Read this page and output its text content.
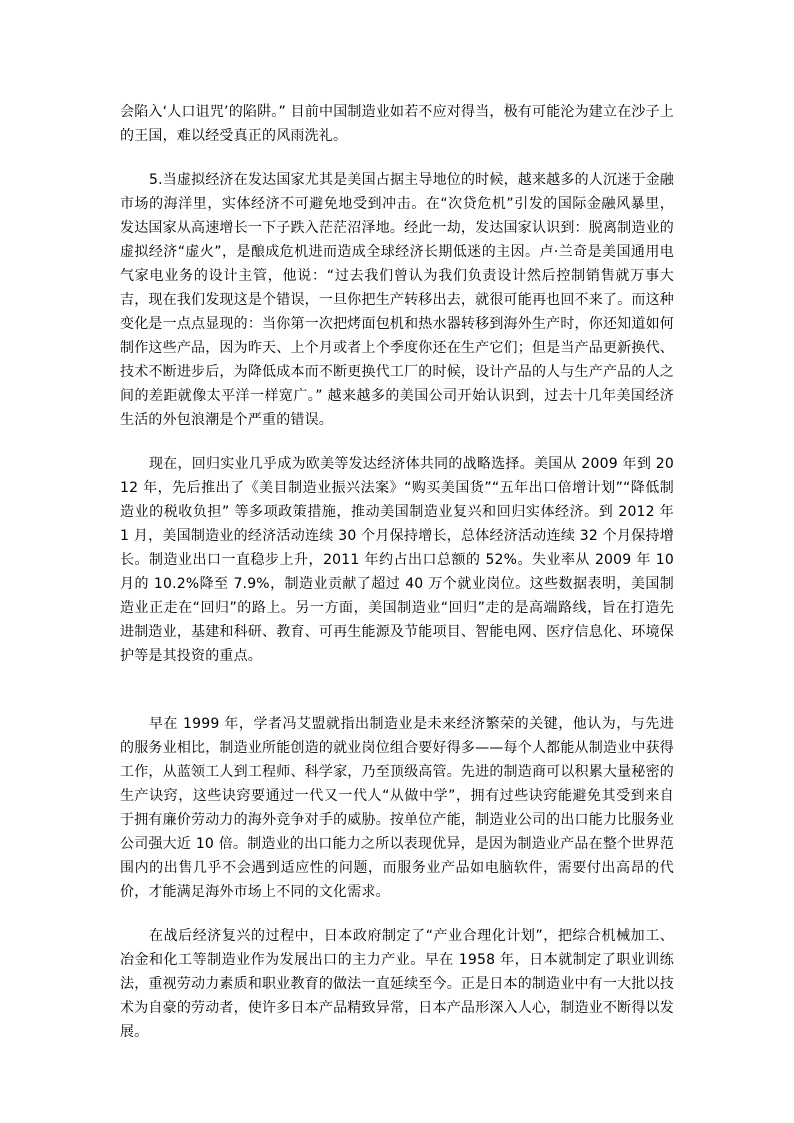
会陷入‘人口诅咒’的陷阱。” 目前中国制造业如若不应对得当，极有可能沦为建立在沙子上的王国，难以经受真正的风雨洗礼。

5.当虚拟经济在发达国家尤其是美国占据主导地位的时候，越来越多的人沉迷于金融市场的海洋里，实体经济不可避免地受到冲击。在“次贷危机”引发的国际金融风暴里，发达国家从高速增长一下子跌入茫茫沼泽地。经此一劫，发达国家认识到：脱离制造业的虚拟经济“虚火”，是酿成危机进而造成全球经济长期低迷的主因。卢·兰奇是美国通用电气家电业务的设计主管，他说：“过去我们曾认为我们负责设计然后控制销售就万事大吉，现在我们发现这是个错误，一旦你把生产转移出去，就很可能再也回不来了。而这种变化是一点点显现的：当你第一次把烤面包机和热水器转移到海外生产时，你还知道如何制作这些产品，因为昨天、上个月或者上个季度你还在生产它们；但是当产品更新换代、技术不断进步后，为降低成本而不断更换代工厂的时候，设计产品的人与生产产品的人之间的差距就像太平洋一样宽广。” 越来越多的美国公司开始认识到，过去十几年美国经济生活的外包浪潮是个严重的错误。

现在，回归实业几乎成为欧美等发达经济体共同的战略选择。美国从 2009 年到 2012 年，先后推出了《美目制造业振兴法案》“购买美国货”“五年出口倍增计划”“降低制造业的税收负担” 等多项政策措施，推动美国制造业复兴和回归实体经济。到 2012 年 1 月，美国制造业的经济活动连续 30 个月保持增长，总体经济活动连续 32 个月保持增长。制造业出口一直稳步上升，2011 年约占出口总额的 52%。失业率从 2009 年 10 月的 10.2%降至 7.9%，制造业贡献了超过 40 万个就业岗位。这些数据表明，美国制造业正走在“回归”的路上。另一方面，美国制造业“回归”走的是高端路线，旨在打造先进制造业，基建和科研、教育、可再生能源及节能项目、智能电网、医疗信息化、环境保护等是其投资的重点。

早在 1999 年，学者冯艾盟就指出制造业是未来经济繁荣的关键，他认为，与先进的服务业相比，制造业所能创造的就业岗位组合要好得多——每个人都能从制造业中获得工作，从蓝领工人到工程师、科学家，乃至顶级高管。先进的制造商可以积累大量秘密的生产诀窍，这些诀窍要通过一代又一代人“从做中学”，拥有过些诀窍能避免其受到来自于拥有廉价劳动力的海外竞争对手的威胁。按单位产能，制造业公司的出口能力比服务业公司强大近 10 倍。制造业的出口能力之所以表现优异，是因为制造业产品在整个世界范围内的出售几乎不会遇到适应性的问题，而服务业产品如电脑软件，需要付出高昂的代价，才能满足海外市场上不同的文化需求。

在战后经济复兴的过程中，日本政府制定了“产业合理化计划”，把综合机械加工、冶金和化工等制造业作为发展出口的主力产业。早在 1958 年，日本就制定了职业训练法，重视劳动力素质和职业教育的做法一直延续至今。正是日本的制造业中有一大批以技术为自豪的劳动者，使许多日本产品精致异常，日本产品形深入人心，制造业不断得以发展。
